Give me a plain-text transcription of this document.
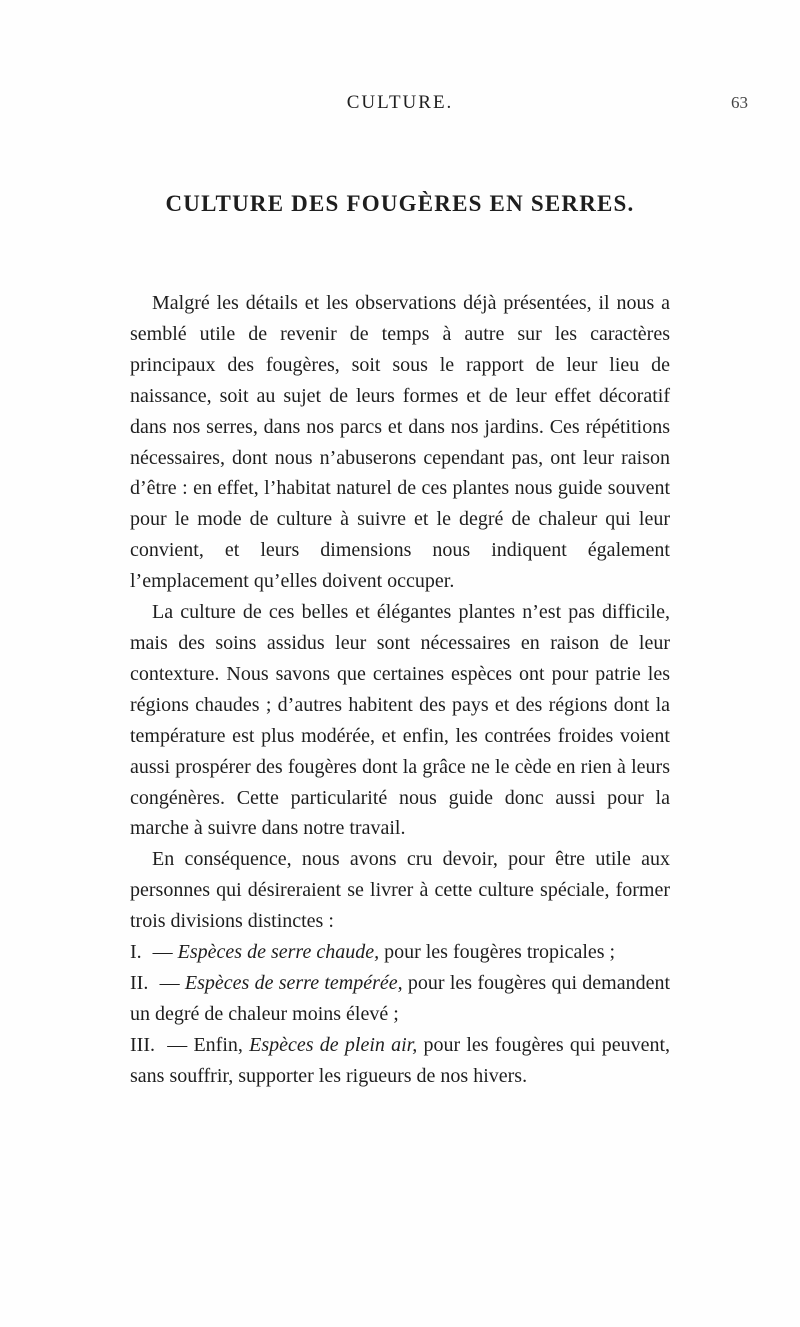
CULTURE.	63
CULTURE DES FOUGÈRES EN SERRES.

Malgré les détails et les observations déjà présentées, il nous a semblé utile de revenir de temps à autre sur les caractères principaux des fougères, soit sous le rapport de leur lieu de naissance, soit au sujet de leurs formes et de leur effet décoratif dans nos serres, dans nos parcs et dans nos jardins. Ces répétitions nécessaires, dont nous n’abuserons cependant pas, ont leur raison d’être : en effet, l’habitat naturel de ces plantes nous guide souvent pour le mode de culture à suivre et le degré de chaleur qui leur convient, et leurs dimensions nous indiquent également l’emplacement qu’elles doivent occuper.

La culture de ces belles et élégantes plantes n’est pas difficile, mais des soins assidus leur sont nécessaires en raison de leur contexture. Nous savons que certaines espèces ont pour patrie les régions chaudes ; d’autres habitent des pays et des régions dont la température est plus modérée, et enfin, les contrées froides voient aussi prospérer des fougères dont la grâce ne le cède en rien à leurs congénères. Cette particularité nous guide donc aussi pour la marche à suivre dans notre travail.

En conséquence, nous avons cru devoir, pour être utile aux personnes qui désireraient se livrer à cette culture spéciale, former trois divisions distinctes :

I. — Espèces de serre chaude, pour les fougères tropicales ;

II. — Espèces de serre tempérée, pour les fougères qui demandent un degré de chaleur moins élevé ;

III. — Enfin, Espèces de plein air, pour les fougères qui peuvent, sans souffrir, supporter les rigueurs de nos hivers.
